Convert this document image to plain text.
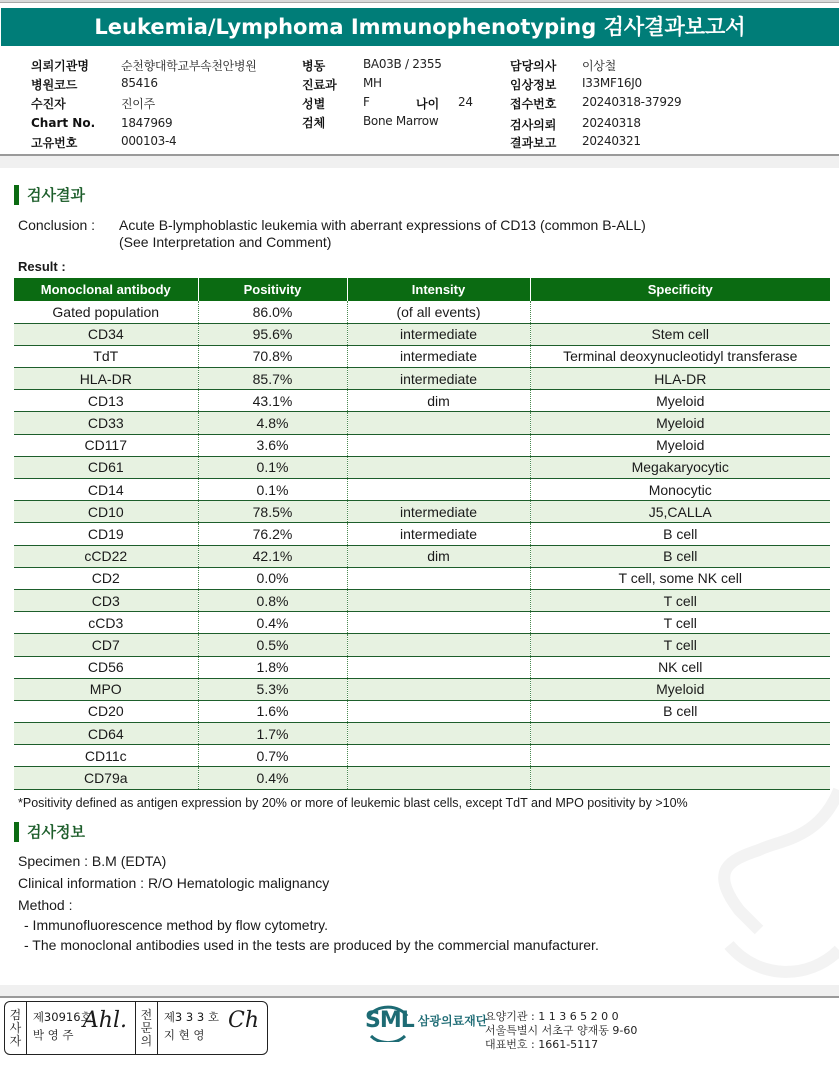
Leukemia/Lymphoma Immunophenotyping 검사결과보고서
의뢰기관명	순천향대학교부속천안병원
병원코드	85416
수진자	진이주
Chart No. 1847969
고유번호	000103-4
병동	BA03B / 2355
진료과 MH
성별	F	나이 24
검체	Bone Marrow
담당의사 이상철
임상정보 I33MF16J0
접수번호 20240318-37929
검사의뢰 20240318
결과보고 20240321
검사결과
Conclusion : Acute B-lymphoblastic leukemia with aberrant expressions of CD13 (common B-ALL)
(See Interpretation and Comment)
Result :
Monoclonal antibody	Positivity	Intensity	Specificity
Gated population	86.0%	(of all events)	
CD34	95.6%	intermediate	Stem cell
TdT	70.8%	intermediate	Terminal deoxynucleotidyl transferase
HLA-DR	85.7%	intermediate	HLA-DR
CD13	43.1%	dim	Myeloid
CD33	4.8%		Myeloid
CD117	3.6%		Myeloid
CD61	0.1%		Megakaryocytic
CD14	0.1%		Monocytic
CD10	78.5%	intermediate	J5,CALLA
CD19	76.2%	intermediate	B cell
cCD22	42.1%	dim	B cell
CD2	0.0%		T cell, some NK cell
CD3	0.8%		T cell
cCD3	0.4%		T cell
CD7	0.5%		T cell
CD56	1.8%		NK cell
MPO	5.3%		Myeloid
CD20	1.6%		B cell
CD64	1.7%		
CD11c	0.7%		
CD79a	0.4%		
*Positivity defined as antigen expression by 20% or more of leukemic blast cells, except TdT and MPO positivity by >10%
검사정보
Specimen : B.M (EDTA)
Clinical information : R/O Hematologic malignancy
Method :
- Immunofluorescence method by flow cytometry.
- The monoclonal antibodies used in the tests are produced by the commercial manufacturer.
검
사
자
제30916호
박 영 주
Ahl. 전
문
의
제3 3 3 호
지 현 영
Ch	SML 삼광의료재단
요양기관 : 1 1 3 6 5 2 0 0
서울특별시 서초구 양재동 9-60
대표번호 : 1661-5117
